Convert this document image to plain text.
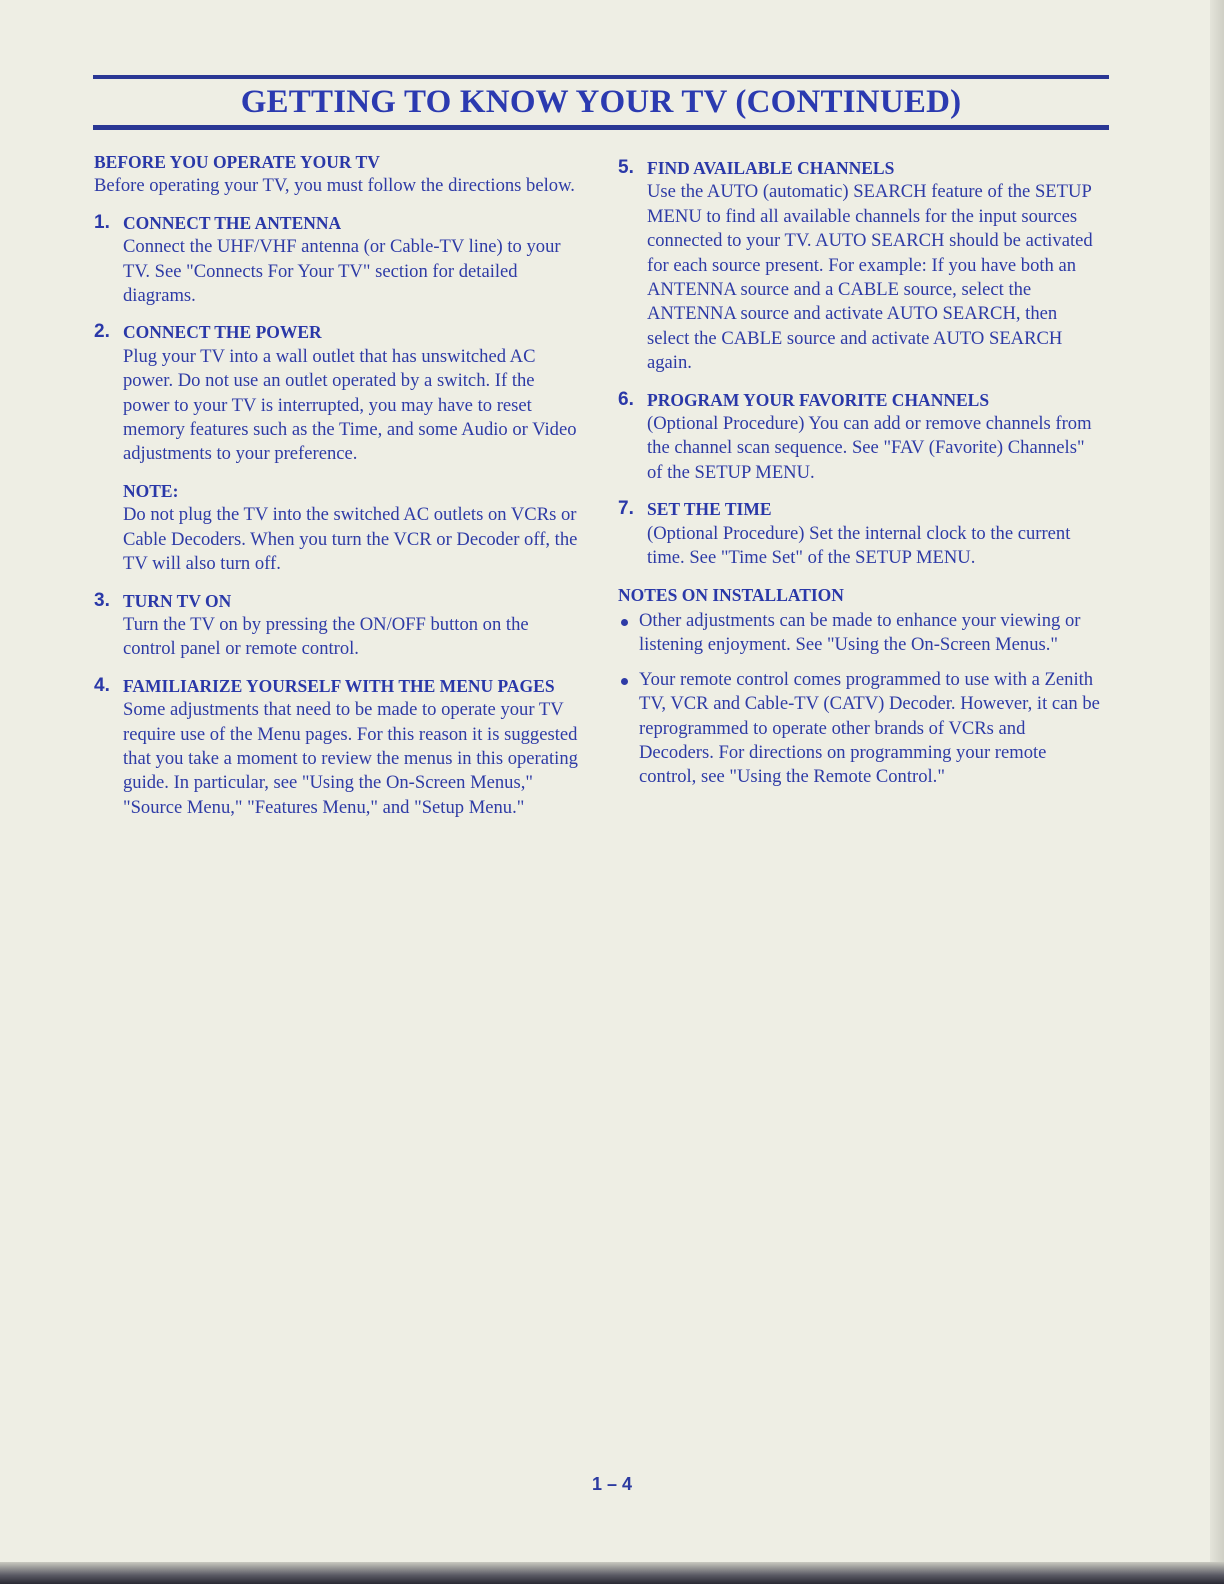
GETTING TO KNOW YOUR TV (CONTINUED)
BEFORE YOU OPERATE YOUR TV

Before operating your TV, you must follow the directions below.

1. CONNECT THE ANTENNA

Connect the UHF/VHF antenna (or Cable-TV line) to your TV. See "Connects For Your TV" section for detailed diagrams.

2. CONNECT THE POWER

Plug your TV into a wall outlet that has unswitched AC power. Do not use an outlet operated by a switch. If the power to your TV is interrupted, you may have to reset memory features such as the Time, and some Audio or Video adjustments to your preference.

NOTE:

Do not plug the TV into the switched AC outlets on VCRs or Cable Decoders. When you turn the VCR or Decoder off, the TV will also turn off.

3. TURN TV ON

Turn the TV on by pressing the ON/OFF button on the control panel or remote control.

4. FAMILIARIZE YOURSELF WITH THE MENU PAGES

Some adjustments that need to be made to operate your TV require use of the Menu pages. For this reason it is suggested that you take a moment to review the menus in this operating guide. In particular, see "Using the On-Screen Menus," "Source Menu," "Features Menu," and "Setup Menu."

5. FIND AVAILABLE CHANNELS

Use the AUTO (automatic) SEARCH feature of the SETUP MENU to find all available channels for the input sources connected to your TV. AUTO SEARCH should be activated for each source present. For example: If you have both an ANTENNA source and a CABLE source, select the ANTENNA source and activate AUTO SEARCH, then select the CABLE source and activate AUTO SEARCH again.

6. PROGRAM YOUR FAVORITE CHANNELS

(Optional Procedure) You can add or remove channels from the channel scan sequence. See "FAV (Favorite) Channels" of the SETUP MENU.

7. SET THE TIME

(Optional Procedure) Set the internal clock to the current time. See "Time Set" of the SETUP MENU.

NOTES ON INSTALLATION
Other adjustments can be made to enhance your viewing or listening enjoyment. See "Using the On-Screen Menus."
Your remote control comes programmed to use with a Zenith TV, VCR and Cable-TV (CATV) Decoder. However, it can be reprogrammed to operate other brands of VCRs and Decoders. For directions on programming your remote control, see "Using the Remote Control."
1 – 4
